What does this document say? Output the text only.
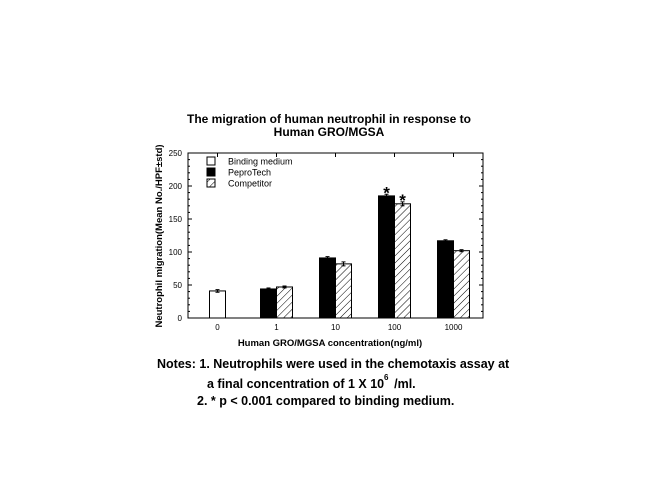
The migration of human neutrophil in response to
Human GRO/MGSA
0
50
100
150
200
250
0	1	10	100	1000
* *
Neutrophil migration(Mean No./HPF±std)
Human GRO/MGSA concentration(ng/ml)
Binding medium
PeproTech
Competitor
Notes: 1. Neutrophils were used in the chemotaxis assay at
a final concentration of 1 X 10 /ml.
6
2. * p < 0.001 compared to binding medium.
